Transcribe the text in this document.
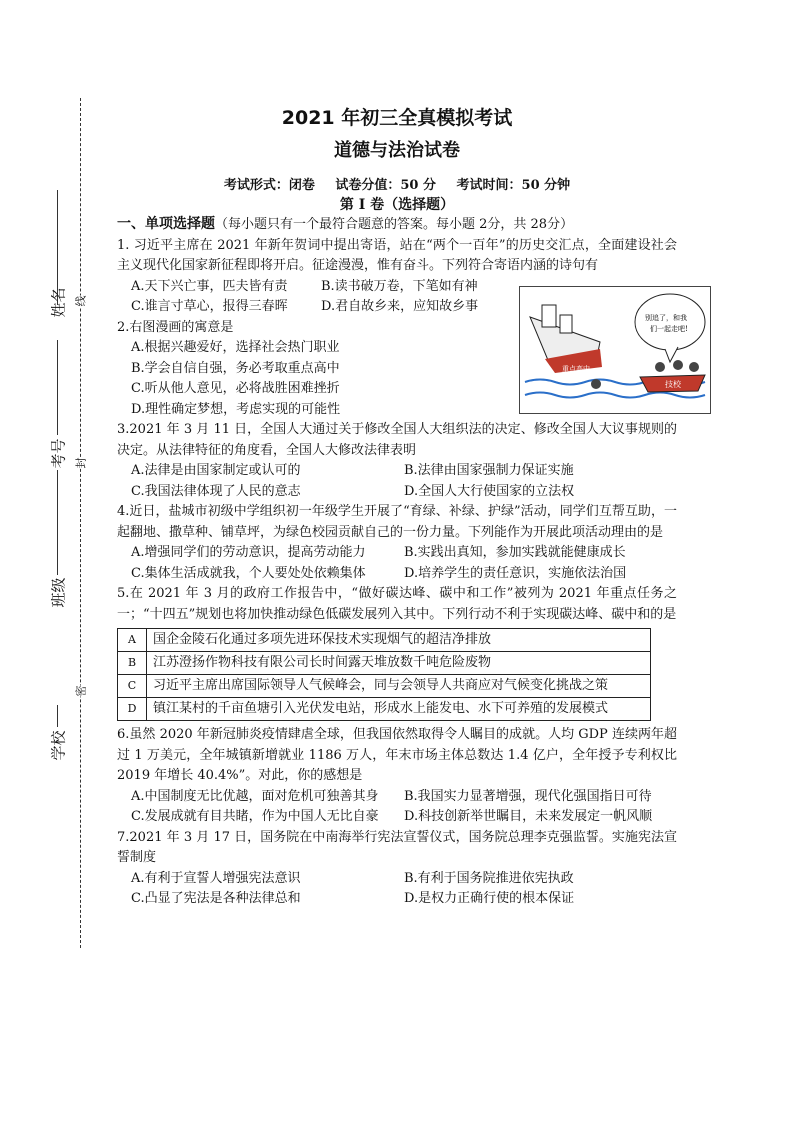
姓名
考号
班级
学校
线
封
密
2021 年初三全真模拟考试
道德与法治试卷
考试形式：闭卷 试卷分值：50 分 考试时间：50 分钟
第 I 卷（选择题）
重点高中
技校
别追了，和我
们一起走吧!
一、单项选择题（每小题只有一个最符合题意的答案。每小题 2分，共 28分）
1. 习近平主席在 2021 年新年贺词中提出寄语，站在“两个一百年”的历史交汇点，全面建设社会主义现代化国家新征程即将开启。征途漫漫，惟有奋斗。下列符合寄语内涵的诗句有
A.天下兴亡事，匹夫皆有责	B.读书破万卷，下笔如有神
C.谁言寸草心，报得三春晖	D.君自故乡来，应知故乡事
2.右图漫画的寓意是
A.根据兴趣爱好，选择社会热门职业
B.学会自信自强，务必考取重点高中
C.听从他人意见，必将战胜困难挫折
D.理性确定梦想，考虑实现的可能性
3.2021 年 3 月 11 日，全国人大通过关于修改全国人大组织法的决定、修改全国人大议事规则的决定。从法律特征的角度看，全国人大修改法律表明
A.法律是由国家制定或认可的	B.法律由国家强制力保证实施
C.我国法律体现了人民的意志	D.全国人大行使国家的立法权
4.近日，盐城市初级中学组织初一年级学生开展了“育绿、补绿、护绿”活动，同学们互帮互助，一起翻地、撒草种、铺草坪，为绿色校园贡献自己的一份力量。下列能作为开展此项活动理由的是
A.增强同学们的劳动意识，提高劳动能力	B.实践出真知，参加实践就能健康成长
C.集体生活成就我，个人要处处依赖集体	D.培养学生的责任意识，实施依法治国
5.在 2021 年 3 月的政府工作报告中，“做好碳达峰、碳中和工作”被列为 2021 年重点任务之一；“十四五”规划也将加快推动绿色低碳发展列入其中。下列行动不利于实现碳达峰、碳中和的是
A	国企金陵石化通过多项先进环保技术实现烟气的超洁净排放
B	江苏澄扬作物科技有限公司长时间露天堆放数千吨危险废物
C	习近平主席出席国际领导人气候峰会，同与会领导人共商应对气候变化挑战之策
D	镇江某村的千亩鱼塘引入光伏发电站，形成水上能发电、水下可养殖的发展模式
6.虽然 2020 年新冠肺炎疫情肆虐全球，但我国依然取得令人瞩目的成就。人均 GDP 连续两年超过 1 万美元，全年城镇新增就业 1186 万人，年末市场主体总数达 1.4 亿户，全年授予专利权比 2019 年增长 40.4%”。对此，你的感想是
A.中国制度无比优越，面对危机可独善其身	B.我国实力显著增强，现代化强国指日可待
C.发展成就有目共睹，作为中国人无比自豪	D.科技创新举世瞩目，未来发展定一帆风顺
7.2021 年 3 月 17 日，国务院在中南海举行宪法宣誓仪式，国务院总理李克强监誓。实施宪法宣誓制度
A.有利于宣誓人增强宪法意识	B.有利于国务院推进依宪执政
C.凸显了宪法是各种法律总和	D.是权力正确行使的根本保证
